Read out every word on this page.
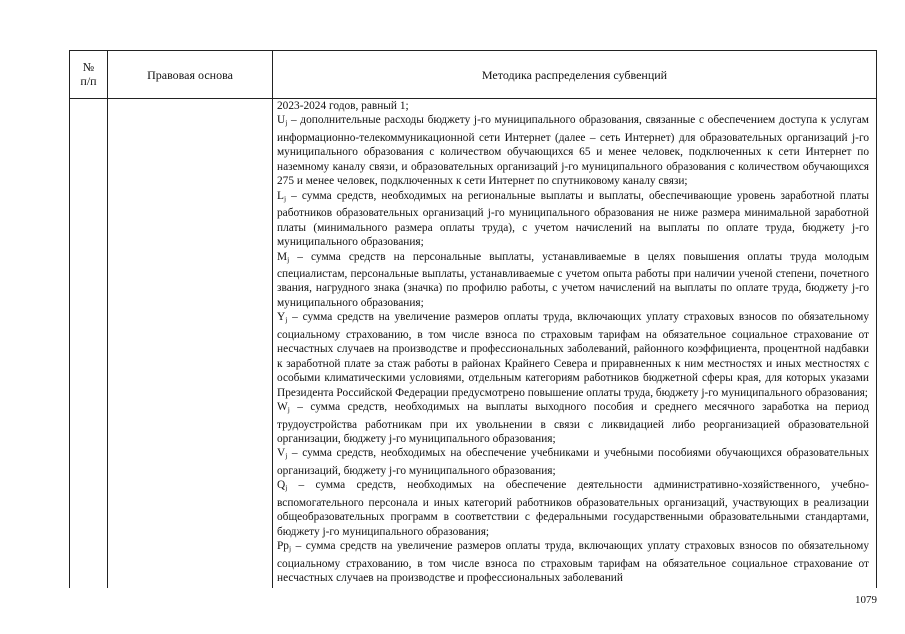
№
п/п	Правовая основа	Методика распределения субвенций

2023-2024 годов, равный 1;

$U_j$ – дополнительные расходы бюджету j-го муниципального образования, связанные с обеспечением доступа к услугам информационно-телекоммуникационной сети Интернет (далее – сеть Интернет) для образовательных организаций j-го муниципального образования с количеством обучающихся 65 и менее человек, подключенных к сети Интернет по наземному каналу связи, и образовательных организаций j-го муниципального образования с количеством обучающихся 275 и менее человек, подключенных к сети Интернет по спутниковому каналу связи;

$L_j$ – сумма средств, необходимых на региональные выплаты и выплаты, обеспечивающие уровень заработной платы работников образовательных организаций j-го муниципального образования не ниже размера минимальной заработной платы (минимального размера оплаты труда), с учетом начислений на выплаты по оплате труда, бюджету j-го муниципального образования;

$M_j$ – сумма средств на персональные выплаты, устанавливаемые в целях повышения оплаты труда молодым специалистам, персональные выплаты, устанавливаемые с учетом опыта работы при наличии ученой степени, почетного звания, нагрудного знака (значка) по профилю работы, с учетом начислений на выплаты по оплате труда, бюджету j-го муниципального образования;

$Y_j$ – сумма средств на увеличение размеров оплаты труда, включающих уплату страховых взносов по обязательному социальному страхованию, в том числе взноса по страховым тарифам на обязательное социальное страхование от несчастных случаев на производстве и профессиональных заболеваний, районного коэффициента, процентной надбавки к заработной плате за стаж работы в районах Крайнего Севера и приравненных к ним местностях и иных местностях с особыми климатическими условиями, отдельным категориям работников бюджетной сферы края, для которых указами Президента Российской Федерации предусмотрено повышение оплаты труда, бюджету j-го муниципального образования;

$W_j$ – сумма средств, необходимых на выплаты выходного пособия и среднего месячного заработка на период трудоустройства работникам при их увольнении в связи с ликвидацией либо реорганизацией образовательной организации, бюджету j-го муниципального образования;

$V_j$ – сумма средств, необходимых на обеспечение учебниками и учебными пособиями обучающихся образовательных организаций, бюджету j-го муниципального образования;

$Q_j$ – сумма средств, необходимых на обеспечение деятельности административно-хозяйственного, учебно-вспомогательного персонала и иных категорий работников образовательных организаций, участвующих в реализации общеобразовательных программ в соответствии с федеральными государственными образовательными стандартами, бюджету j-го муниципального образования;

$Pp_j$ – сумма средств на увеличение размеров оплаты труда, включающих уплату страховых взносов по обязательному социальному страхованию, в том числе взноса по страховым тарифам на обязательное социальное страхование от несчастных случаев на производстве и профессиональных заболеваний

1079
